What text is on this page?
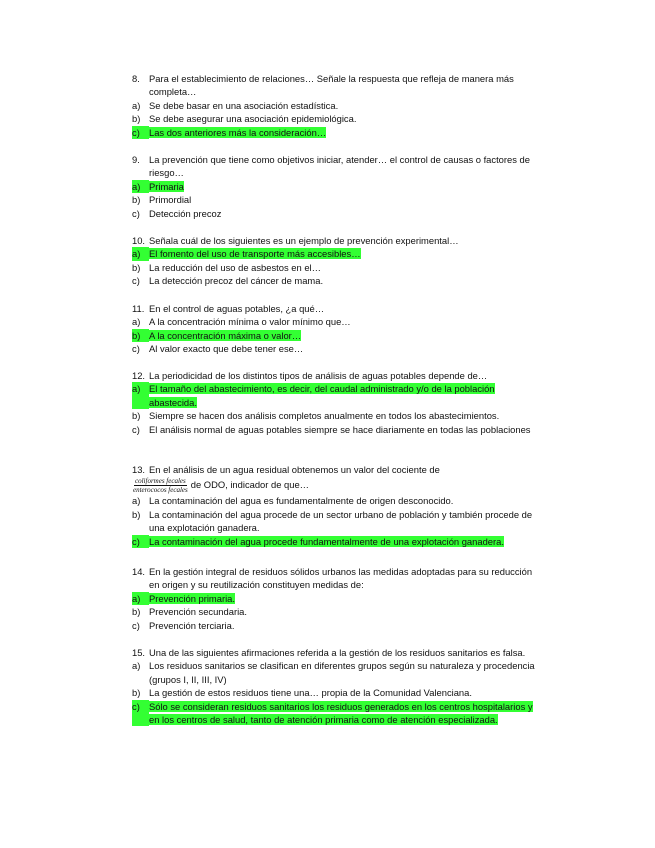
8. Para el establecimiento de relaciones… Señale la respuesta que refleja de manera más completa…
a) Se debe basar en una asociación estadística.
b) Se debe asegurar una asociación epidemiológica.
c) Las dos anteriores más la consideración…
9. La prevención que tiene como objetivos iniciar, atender… el control de causas o factores de riesgo…
a) Primaria
b) Primordial
c) Detección precoz
10. Señala cuál de los siguientes es un ejemplo de prevención experimental…
a) El fomento del uso de transporte más accesibles…
b) La reducción del uso de asbestos en el…
c) La detección precoz del cáncer de mama.
11. En el control de aguas potables, ¿a qué…
a) A la concentración mínima o valor mínimo que…
b) A la concentración máxima o valor…
c) Al valor exacto que debe tener ese…
12. La periodicidad de los distintos tipos de análisis de aguas potables depende de…
a) El tamaño del abastecimiento, es decir, del caudal administrado y/o de la población abastecida.
b) Siempre se hacen dos análisis completos anualmente en todos los abastecimientos.
c) El análisis normal de aguas potables siempre se hace diariamente en todas las poblaciones
13. En el análisis de un agua residual obtenemos un valor del cociente de
$\frac{\text{coliformes fecales}}{\text{enterococos fecales}}$ de ODO, indicador de que…
a) La contaminación del agua es fundamentalmente de origen desconocido.
b) La contaminación del agua procede de un sector urbano de población y también procede de una explotación ganadera.
c) La contaminación del agua procede fundamentalmente de una explotación ganadera.
14. En la gestión integral de residuos sólidos urbanos las medidas adoptadas para su reducción en origen y su reutilización constituyen medidas de:
a) Prevención primaria.
b) Prevención secundaria.
c) Prevención terciaria.
15. Una de las siguientes afirmaciones referida a la gestión de los residuos sanitarios es falsa.
a) Los residuos sanitarios se clasifican en diferentes grupos según su naturaleza y procedencia (grupos I, II, III, IV)
b) La gestión de estos residuos tiene una… propia de la Comunidad Valenciana.
c) Sólo se consideran residuos sanitarios los residuos generados en los centros hospitalarios y en los centros de salud, tanto de atención primaria como de atención especializada.
